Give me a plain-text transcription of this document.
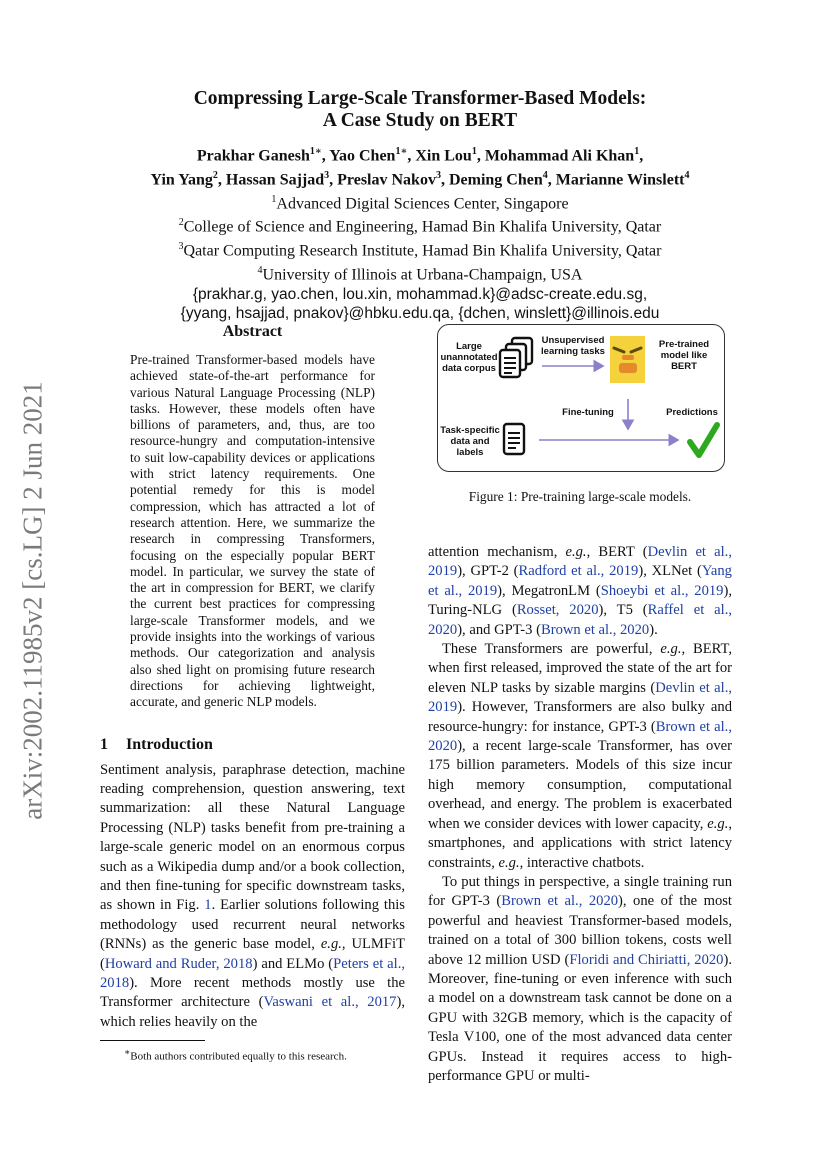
arXiv:2002.11985v2 [cs.LG] 2 Jun 2021
Compressing Large-Scale Transformer-Based Models:
A Case Study on BERT
Prakhar Ganesh$^{1∗}$, Yao Chen$^{1∗}$, Xin Lou$^1$, Mohammad Ali Khan$^1$,
Yin Yang$^2$, Hassan Sajjad$^3$, Preslav Nakov$^3$, Deming Chen$^4$, Marianne Winslett$^4$
$^1$Advanced Digital Sciences Center, Singapore
$^2$College of Science and Engineering, Hamad Bin Khalifa University, Qatar
$^3$Qatar Computing Research Institute, Hamad Bin Khalifa University, Qatar
$^4$University of Illinois at Urbana-Champaign, USA
{prakhar.g, yao.chen, lou.xin, mohammad.k}@adsc-create.edu.sg,
{yyang, hsajjad, pnakov}@hbku.edu.qa, {dchen, winslett}@illinois.edu
Abstract

Pre-trained Transformer-based models have achieved state-of-the-art performance for various Natural Language Processing (NLP) tasks. However, these models often have billions of parameters, and, thus, are too resource-hungry and computation-intensive to suit low-capability devices or applications with strict latency requirements. One potential remedy for this is model compression, which has attracted a lot of research attention. Here, we summarize the research in compressing Transformers, focusing on the especially popular BERT model. In particular, we survey the state of the art in compression for BERT, we clarify the current best practices for compressing large-scale Transformer models, and we provide insights into the workings of various methods. Our categorization and analysis also shed light on promising future research directions for achieving lightweight, accurate, and generic NLP models.

1 Introduction

Sentiment analysis, paraphrase detection, machine reading comprehension, question answering, text summarization: all these Natural Language Processing (NLP) tasks benefit from pre-training a large-scale generic model on an enormous corpus such as a Wikipedia dump and/or a book collection, and then fine-tuning for specific downstream tasks, as shown in Fig. 1. Earlier solutions following this methodology used recurrent neural networks (RNNs) as the generic base model, e.g., ULMFiT (Howard and Ruder, 2018) and ELMo (Peters et al., 2018). More recent methods mostly use the Transformer architecture (Vaswani et al., 2017), which relies heavily on the

∗Both authors contributed equally to this research.
Large unannotated data corpus
Unsupervised learning tasks
Pre-trained model like BERT
Fine-tuning	Predictions
Task-specific data and labels
Figure 1: Pre-training large-scale models.

attention mechanism, e.g., BERT (Devlin et al., 2019), GPT-2 (Radford et al., 2019), XLNet (Yang et al., 2019), MegatronLM (Shoeybi et al., 2019), Turing-NLG (Rosset, 2020), T5 (Raffel et al., 2020), and GPT-3 (Brown et al., 2020).

These Transformers are powerful, e.g., BERT, when first released, improved the state of the art for eleven NLP tasks by sizable margins (Devlin et al., 2019). However, Transformers are also bulky and resource-hungry: for instance, GPT-3 (Brown et al., 2020), a recent large-scale Transformer, has over 175 billion parameters. Models of this size incur high memory consumption, computational overhead, and energy. The problem is exacerbated when we consider devices with lower capacity, e.g., smartphones, and applications with strict latency constraints, e.g., interactive chatbots.

To put things in perspective, a single training run for GPT-3 (Brown et al., 2020), one of the most powerful and heaviest Transformer-based models, trained on a total of 300 billion tokens, costs well above 12 million USD (Floridi and Chiriatti, 2020). Moreover, fine-tuning or even inference with such a model on a downstream task cannot be done on a GPU with 32GB memory, which is the capacity of Tesla V100, one of the most advanced data center GPUs. Instead it requires access to high-performance GPU or multi-
